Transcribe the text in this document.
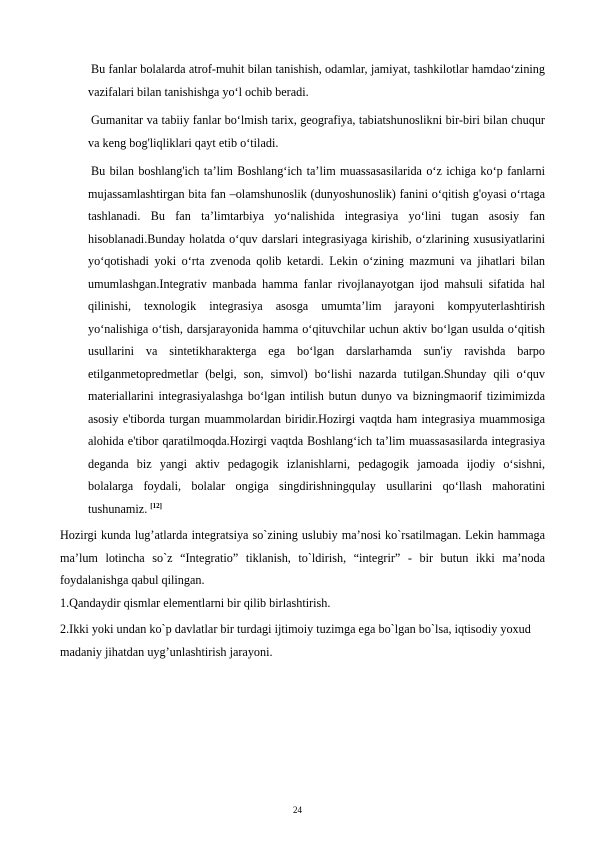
Bu fanlar bolalarda atrof-muhit bilan tanishish, odamlar, jamiyat, tashkilotlar hamdao‘zining vazifalari bilan tanishishga yo‘l ochib beradi.

Gumanitar va tabiiy fanlar bo‘lmish tarix, geografiya, tabiatshunoslikni bir-biri bilan chuqur va keng bog'liqliklari qayt etib o‘tiladi.

Bu bilan boshlang'ich ta’lim Boshlang‘ich ta’lim muassasasilarida o‘z ichiga ko‘p fanlarni mujassamlashtirgan bita fan –olamshunoslik (dunyoshunoslik) fanini o‘qitish g'oyasi o‘rtaga tashlanadi. Bu fan ta’limtarbiya yo‘nalishida integrasiya yo‘lini tugan asosiy fan hisoblanadi.Bunday holatda o‘quv darslari integrasiyaga kirishib, o‘zlarining xususiyatlarini yo‘qotishadi yoki o‘rta zvenoda qolib ketardi. Lekin o‘zining mazmuni va jihatlari bilan umumlashgan.Integrativ manbada hamma fanlar rivojlanayotgan ijod mahsuli sifatida hal qilinishi, texnologik integrasiya asosga umumta’lim jarayoni kompyuterlashtirish yo‘nalishiga o‘tish, darsjarayonida hamma o‘qituvchilar uchun aktiv bo‘lgan usulda o‘qitish usullarini va sintetikharakterga ega bo‘lgan darslarhamda sun'iy ravishda barpo etilganmetopredmetlar (belgi, son, simvol) bo‘lishi nazarda tutilgan.Shunday qili o‘quv materiallarini integrasiyalashga bo‘lgan intilish butun dunyo va bizningmaorif tizimimizda asosiy e'tiborda turgan muammolardan biridir.Hozirgi vaqtda ham integrasiya muammosiga alohida e'tibor qaratilmoqda.Hozirgi vaqtda Boshlang‘ich ta’lim muassasasilarda integrasiya deganda biz yangi aktiv pedagogik izlanishlarni, pedagogik jamoada ijodiy o‘sishni, bolalarga foydali, bolalar ongiga singdirishningqulay usullarini qo‘llash mahoratini tushunamiz. [12]

Hozirgi kunda lug’atlarda integratsiya so`zining uslubiy ma’nosi ko`rsatilmagan. Lekin hammaga ma’lum lotincha so`z “Integratio” tiklanish, to`ldirish, “integrir” - bir butun ikki ma’noda foydalanishga qabul qilingan.

1.Qandaydir qismlar elementlarni bir qilib birlashtirish.

2.Ikki yoki undan ko`p davlatlar bir turdagi ijtimoiy tuzimga ega bo`lgan bo`lsa, iqtisodiy yoxud madaniy jihatdan uyg’unlashtirish jarayoni.

24
